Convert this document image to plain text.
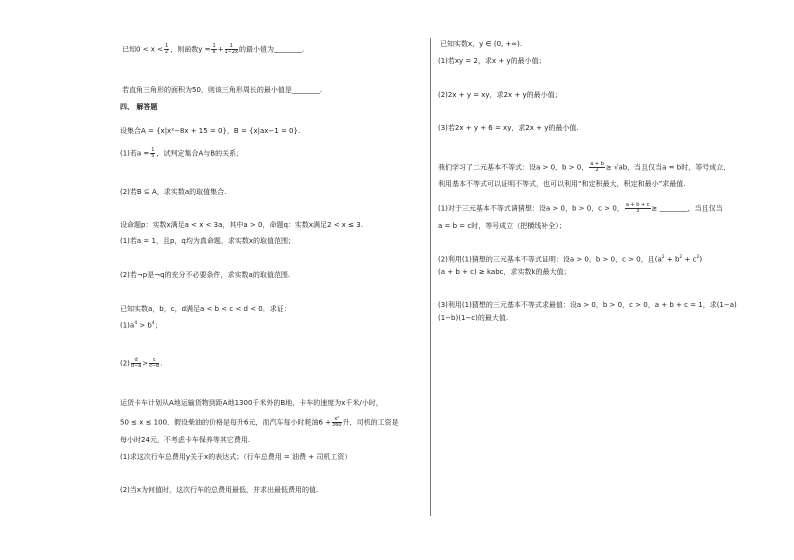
已知$0 < x < \frac{1}{2}$ ，则函数$y = \frac{1}{x} + \frac{1}{1-2x}$ 的最小值为________.
若直角三角形的面积为50，则该三角形周长的最小值是________.
四、 解答题
设集合A = {x|x²−8x + 15 = 0}，B = {x|ax−1 = 0}.
(1)若$a = \frac{1}{5}$ ，试判定集合A与B的关系；
(2)若B ⊆ A，求实数a的取值集合.
设命题p：实数x满足a < x < 3a，其中a > 0，命题q：实数x满足2 < x ≤ 3.
(1)若a = 1，且p，q均为真命题，求实数x的取值范围；
(2)若¬p是¬q的充分不必要条件，求实数a的取值范围.
已知实数a，b，c，d满足a < b < c < d < 0．求证：
$(1)a^4 > b^4$；
$(2) \frac{d}{d-a} > \frac{c}{c-b}$ .
运货卡车计划从A地运输货物到距A地1300千米外的B地，卡车的速度为x千米/小时，
50 ≤ x ≤ 100．假设柴油的价格是每升6元，而汽车每小时耗油$6 + \frac{\text{x²}}{360}$ 升，司机的工资是
每小时24元，不考虑卡车保养等其它费用.
(1)求这次行车总费用y关于x的表达式；（行车总费用 = 油费 + 司机工资）
(2)当x为何值时，这次行车的总费用最低，并求出最低费用的值.
已知实数x，y ∈ (0, +∞).
(1)若xy = 2，求x + y的最小值；
(2)2x + y = xy，求2x + y的最小值；
(3)若2x + y + 6 = xy，求2x + y的最小值.
我们学习了二元基本不等式：设a > 0，b > 0， $\frac{a + b}{2} \ge √ab$，当且仅当a = b时，等号成立，
利用基本不等式可以证明不等式，也可以利用“和定积最大，积定和最小”求最值.
(1)对于三元基本不等式请猜想：设a > 0，b > 0，c > 0， $\frac{a + b + c}{3}$ ≥ ________，当且仅当
a = b = c时，等号成立（把横线补全）；
(2)利用(1)猜想的三元基本不等式证明：设a > 0，b > 0，c > 0，且$(a^2 + b^2 + c^2)$
(a + b + c) ≥ kabc，求实数k的最大值；
(3)利用(1)猜想的三元基本不等式求最值：设a > 0，b > 0，c > 0，a + b + c = 1，求(1−a)
(1−b)(1−c)的最大值.
